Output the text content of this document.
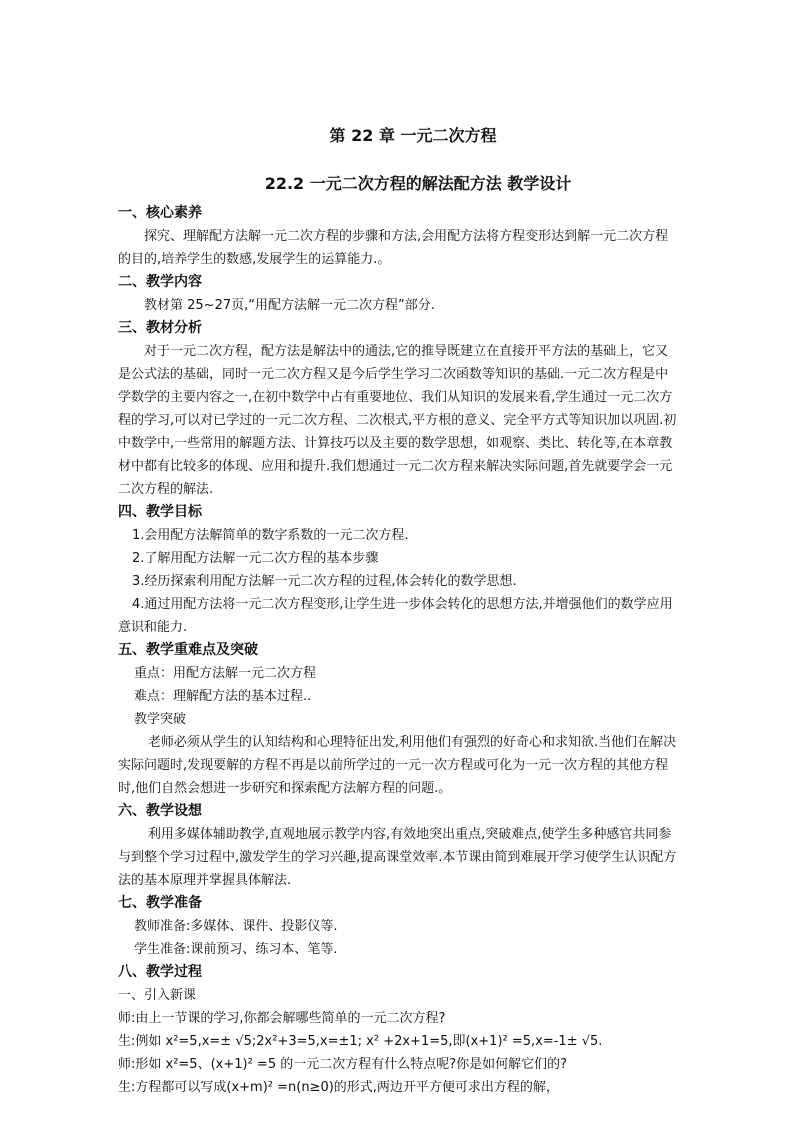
第 22 章 一元二次方程
22.2 一元二次方程的解法配方法 教学设计
一、核心素养

探究、理解配方法解一元二次方程的步骤和方法,会用配方法将方程变形达到解一元二次方程的目的,培养学生的数感,发展学生的运算能力.。

二、教学内容

教材第 25~27页,“用配方法解一元二次方程”部分.

三、教材分析

对于一元二次方程，配方法是解法中的通法,它的推导既建立在直接开平方法的基础上，它又是公式法的基础，同时一元二次方程又是今后学生学习二次函数等知识的基础.一元二次方程是中学数学的主要内容之一,在初中数学中占有重要地位、我们从知识的发展来看,学生通过一元二次方程的学习,可以对已学过的一元二次方程、二次根式,平方根的意义、完全平方式等知识加以巩固.初中数学中,一些常用的解题方法、计算技巧以及主要的数学思想，如观察、类比、转化等,在本章教材中都有比较多的体现、应用和提升.我们想通过一元二次方程来解决实际问题,首先就要学会一元二次方程的解法.

四、教学目标

1.会用配方法解简单的数字系数的一元二次方程.

2.了解用配方法解一元二次方程的基本步骤

3.经历探索利用配方法解一元二次方程的过程,体会转化的数学思想.

4.通过用配方法将一元二次方程变形,让学生进一步体会转化的思想方法,并增强他们的数学应用意识和能力.

五、教学重难点及突破

重点：用配方法解一元二次方程

难点：理解配方法的基本过程..

教学突破

老师必须从学生的认知结构和心理特征出发,利用他们有强烈的好奇心和求知欲.当他们在解决实际问题时,发现要解的方程不再是以前所学过的一元一次方程或可化为一元一次方程的其他方程时,他们自然会想进一步研究和探索配方法解方程的问题.。

六、教学设想

利用多媒体辅助教学,直观地展示教学内容,有效地突出重点,突破难点,使学生多种感官共同参与到整个学习过程中,激发学生的学习兴趣,提高课堂效率.本节课由简到难展开学习使学生认识配方法的基本原理并掌握具体解法.

七、教学准备

教师准备:多媒体、课件、投影仪等.

学生准备:课前预习、练习本、笔等.

八、教学过程

一、引入新课

师:由上一节课的学习,你都会解哪些简单的一元二次方程?

生:例如 x²=5,x=± √5;2x²+3=5,x=±1; x² +2x+1=5,即(x+1)² =5,x=-1± √5.

师:形如 x²=5、(x+1)² =5 的一元二次方程有什么特点呢?你是如何解它们的?

生:方程都可以写成(x+m)² =n(n≥0)的形式,两边开平方便可求出方程的解，
